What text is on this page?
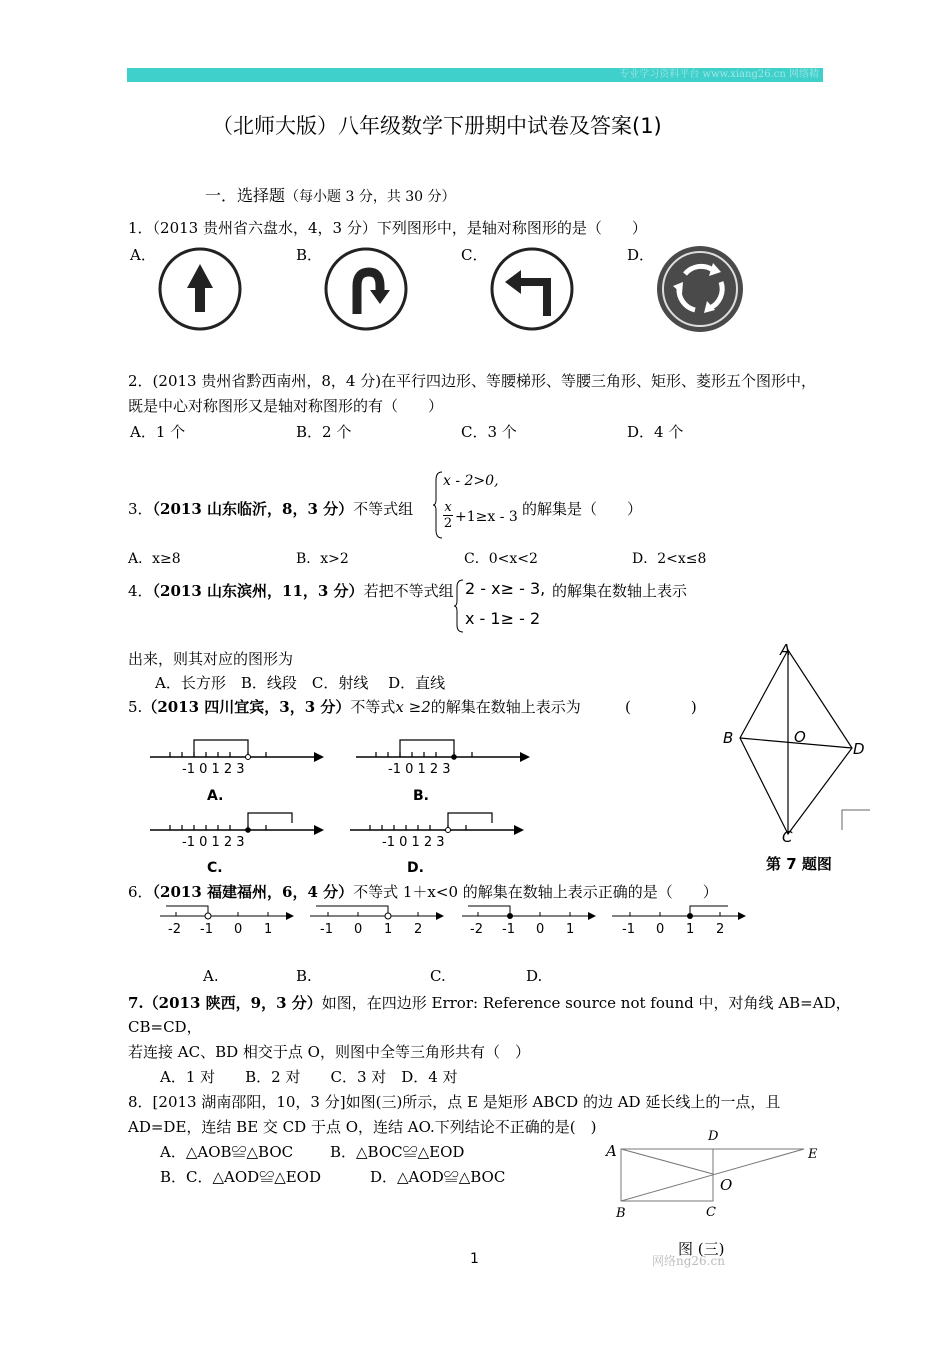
专业学习资料平台 www.xiang26.cn 网络精
（北师大版）八年级数学下册期中试卷及答案(1)
一．选择题（每小题 3 分，共 30 分）
1．（2013 贵州省六盘水，4，3 分）下列图形中，是轴对称图形的是（　　）
A．	B．	C．	D．
2．(2013 贵州省黔西南州，8，4 分)在平行四边形、等腰梯形、等腰三角形、矩形、菱形五个图形中，
既是中心对称图形又是轴对称图形的有（　　）
A．1 个	B．2 个	C．3 个	D．4 个
3．（2013 山东临沂，8，3 分）不等式组
x - 2>0,
$\frac{x}{2} +1\ge x - 3$ 的解集是（　　）
A．x≥8	B．x>2	C．0<x<2	D．2<x≤8
4．（2013 山东滨州，11，3 分）若把不等式组 2 - x≥ - 3,
x - 1≥ - 2
的解集在数轴上表示
出来，则其对应的图形为
A．长方形　B．线段　C．射线　 D．直线
5.（2013 四川宜宾，3，3 分）不等式x ≥2的解集在数轴上表示为	(　　　　)
-1 0 1 2 3
A.
-1 0 1 2 3
B.
-1 0 1 2 3
C.
-1 0 1 2 3
D.
A
B	O
D
C
第 7 题图
6．（2013 福建福州，6，4 分）不等式 1＋x<0 的解集在数轴上表示正确的是（　　）
-2 -1 0 1	-1 0 1 2	-2 -1 0 1	-1 0 1 2
A.	B.	C.	D.
7.（2013 陕西，9，3 分）如图，在四边形 Error: Reference source not found 中，对角线 AB=AD，
CB=CD，
若连接 AC、BD 相交于点 O，则图中全等三角形共有（　）
A．1 对　　B．2 对　　C．3 对　D．4 对
8．[2013 湖南邵阳，10，3 分]如图(三)所示，点 E 是矩形 ABCD 的边 AD 延长线上的一点，且
AD=DE，连结 BE 交 CD 于点 O，连结 AO.下列结论不正确的是(　)
A．△AOB≌△BOC B．△BOC≌△EOD
B．C．△AOD≌△EOD	D．△AOD≌△BOC
A
D
E
O
B	C
图 (三)
1	网络ng26.cn
